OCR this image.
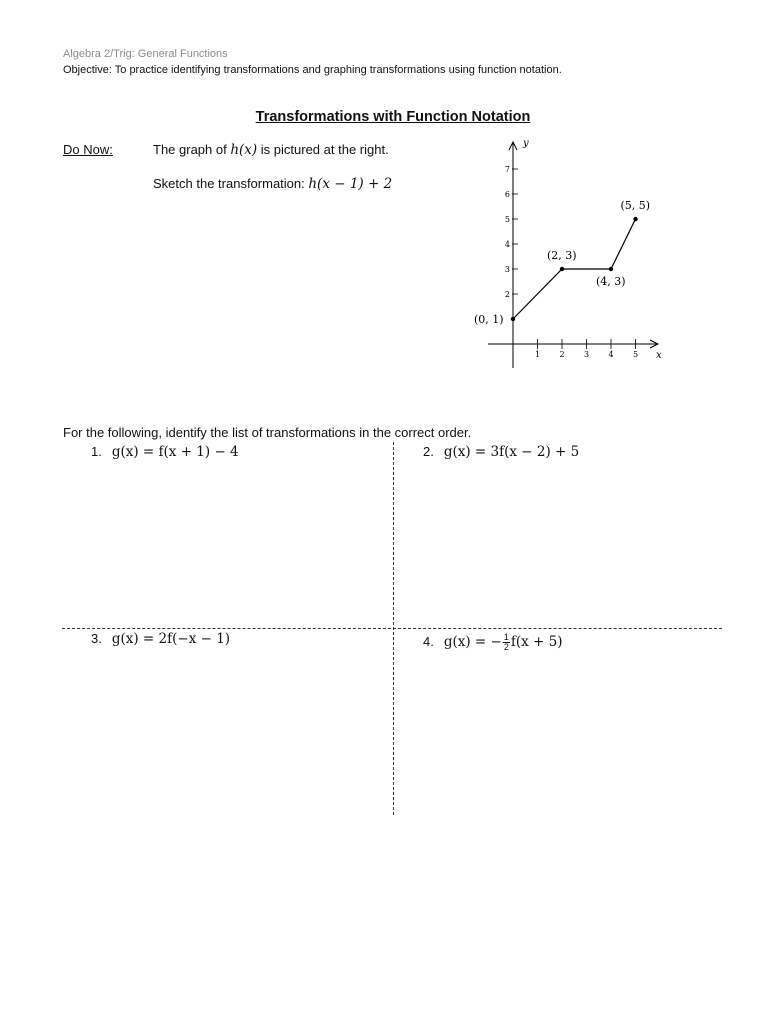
Algebra 2/Trig: General Functions
Objective: To practice identifying transformations and graphing transformations using function notation.
Transformations with Function Notation
Do Now:	The graph of h(x) is pictured at the right.
Sketch the transformation: h(x − 1) + 2
y
x
1 2 3 4 5
2
3
4
5
6
7
(0, 1)
(2, 3)
(4, 3)
(5, 5)
For the following, identify the list of transformations in the correct order.
1. g(x) = f(x + 1) − 4	2. g(x) = 3f(x − 2) + 5
3. g(x) = 2f(−x − 1)	4. g(x) = − $\frac{1}{2} f(x + 5)$
